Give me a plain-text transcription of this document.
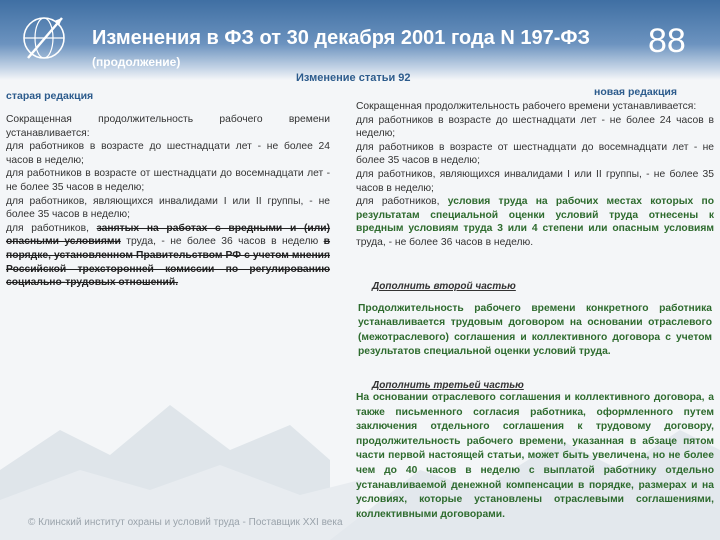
Изменения в ФЗ от 30 декабря 2001 года N 197-ФЗ
(продолжение)
88
Изменение статьи 92
старая редакция	новая редакция
Сокращенная продолжительность рабочего времени устанавливается:
для работников в возрасте до шестнадцати лет - не более 24 часов в неделю;
для работников в возрасте от шестнадцати до восемнадцати лет - не более 35 часов в неделю;
для работников, являющихся инвалидами I или II группы, - не более 35 часов в неделю;
для работников, занятых на работах с вредными и (или) опасными условиями труда, - не более 36 часов в неделю в порядке, установленном Правительством РФ с учетом мнения Российской трехсторонней комиссии по регулированию социально-трудовых отношений.
Сокращенная продолжительность рабочего времени устанавливается:
для работников в возрасте до шестнадцати лет - не более 24 часов в неделю;
для работников в возрасте от шестнадцати до восемнадцати лет - не более 35 часов в неделю;
для работников, являющихся инвалидами I или II группы, - не более 35 часов в неделю;
для работников, условия труда на рабочих местах которых по результатам специальной оценки условий труда отнесены к вредным условиям труда 3 или 4 степени или опасным условиям труда, - не более 36 часов в неделю.
Дополнить второй частью
Продолжительность рабочего времени конкретного работника устанавливается трудовым договором на основании отраслевого (межотраслевого) соглашения и коллективного договора с учетом результатов специальной оценки условий труда.
Дополнить третьей частью
На основании отраслевого соглашения и коллективного договора, а также письменного согласия работника, оформленного путем заключения отдельного соглашения к трудовому договору, продолжительность рабочего времени, указанная в абзаце пятом части первой настоящей статьи, может быть увеличена, но не более чем до 40 часов в неделю с выплатой работнику отдельно устанавливаемой денежной компенсации в порядке, размерах и на условиях, которые установлены отраслевыми соглашениями, коллективными договорами.
© Клинский институт охраны и условий труда - Поставщик XXI века
